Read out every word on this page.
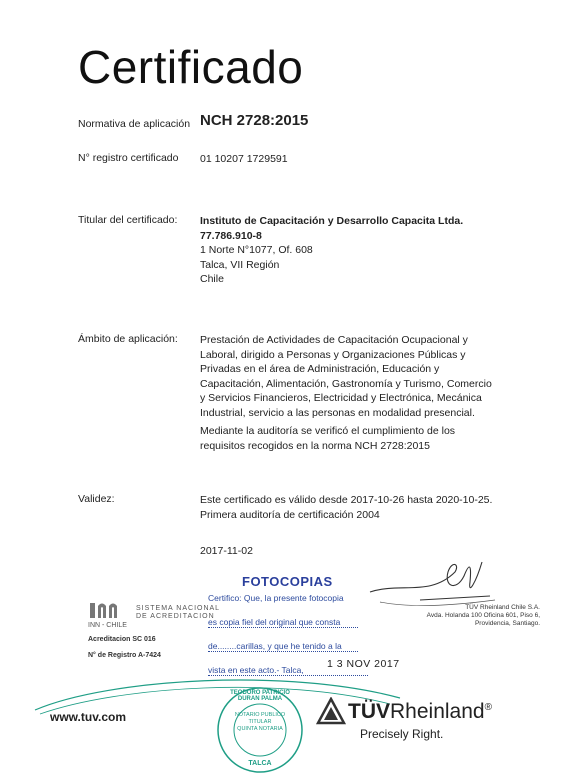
Certificado
Normativa de aplicación NCH 2728:2015
N° registro certificado 01 10207 1729591
Titular del certificado: Instituto de Capacitación y Desarrollo Capacita Ltda.
77.786.910-8
1 Norte N°1077, Of. 608
Talca, VII Región
Chile
Ámbito de aplicación: Prestación de Actividades de Capacitación Ocupacional y
Laboral, dirigido a Personas y Organizaciones Públicas y
Privadas en el área de Administración, Educación y
Capacitación, Alimentación, Gastronomía y Turismo, Comercio
y Servicios Financieros, Electricidad y Electrónica, Mecánica
Industrial, servicio a las personas en modalidad presencial.
Mediante la auditoría se verificó el cumplimiento de los
requisitos recogidos en la norma NCH 2728:2015
Validez:	Este certificado es válido desde 2017-10-26 hasta 2020-10-25.
Primera auditoría de certificación 2004
2017-11-02
FOTOCOPIAS
Certifico: Que, la presente fotocopia
es copia fiel del original que consta
de........carillas, y que he tenido a la
vista en este acto.- Talca,	1 3 NOV 2017
TÜV Rheinland Chile S.A.
Avda. Holanda 100 Oficina 601, Piso 6,
Providencia, Santiago.
SISTEMA NACIONAL
DE ACREDITACION
INN - CHILE
Acreditacion SC 016
N° de Registro A-7424
NOTARIO PUBLICO
TITULAR
QUINTA NOTARIA
TEODORO PATRICIO DURAN PALMA
TALCA
www.tuv.com	TÜVRheinland®
Precisely Right.
